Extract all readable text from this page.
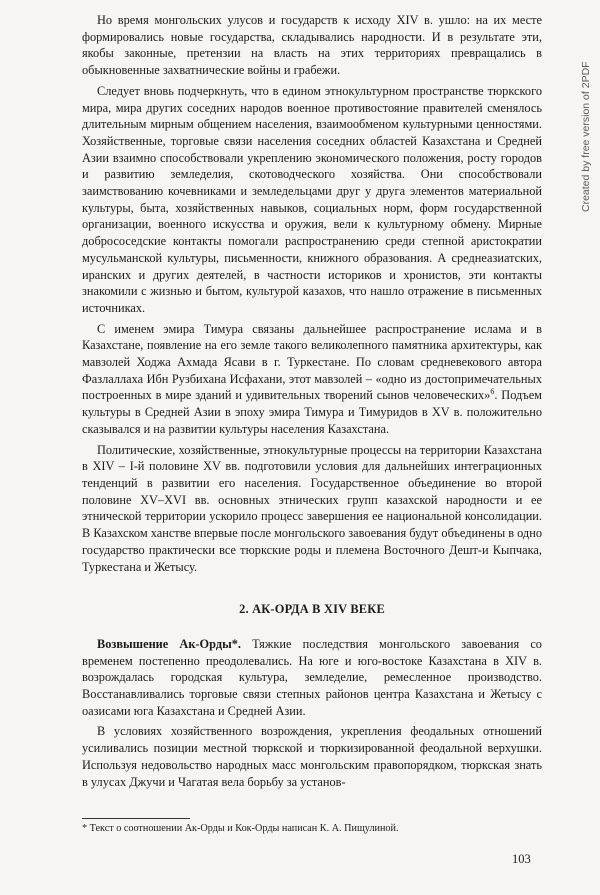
Но время монгольских улусов и государств к исходу XIV в. ушло: на их месте формировались новые государства, складывались народности. И в результате эти, якобы законные, претензии на власть на этих территориях превращались в обыкновенные захватнические войны и грабежи.

Следует вновь подчеркнуть, что в едином этнокультурном пространстве тюркского мира, мира других соседних народов военное противостояние правителей сменялось длительным мирным общением населения, взаимообменом культурными ценностями. Хозяйственные, торговые связи населения соседних областей Казахстана и Средней Азии взаимно способствовали укреплению экономического положения, росту городов и развитию земледелия, скотоводческого хозяйства. Они способствовали заимствованию кочевниками и земледельцами друг у друга элементов материальной культуры, быта, хозяйственных навыков, социальных норм, форм государственной организации, военного искусства и оружия, вели к культурному обмену. Мирные добрососедские контакты помогали распространению среди степной аристократии мусульманской культуры, письменности, книжного образования. А среднеазиатских, иранских и других деятелей, в частности историков и хронистов, эти контакты знакомили с жизнью и бытом, культурой казахов, что нашло отражение в письменных источниках.

С именем эмира Тимура связаны дальнейшее распространение ислама и в Казахстане, появление на его земле такого великолепного памятника архитектуры, как мавзолей Ходжа Ахмада Ясави в г. Туркестане. По словам средневекового автора Фазлаллаха Ибн Рузбихана Исфахани, этот мавзолей – «одно из достопримечательных построенных в мире зданий и удивительных творений сынов человеческих»$^6$. Подъем культуры в Средней Азии в эпоху эмира Тимура и Тимуридов в XV в. положительно сказывался и на развитии культуры населения Казахстана.

Политические, хозяйственные, этнокультурные процессы на территории Казахстана в XIV – I-й половине XV вв. подготовили условия для дальнейших интеграционных тенденций в развитии его населения. Государственное объединение во второй половине XV–XVI вв. основных этнических групп казахской народности и ее этнической территории ускорило процесс завершения ее национальной консолидации. В Казахском ханстве впервые после монгольского завоевания будут объединены в одно государство практически все тюркские роды и племена Восточного Дешт-и Кыпчака, Туркестана и Жетысу.

2. АК-ОРДА В XIV ВЕКЕ

Возвышение Ак-Орды*. Тяжкие последствия монгольского завоевания со временем постепенно преодолевались. На юге и юго-востоке Казахстана в XIV в. возрождалась городская культура, земледелие, ремесленное производство. Восстанавливались торговые связи степных районов центра Казахстана и Жетысу с оазисами юга Казахстана и Средней Азии.

В условиях хозяйственного возрождения, укрепления феодальных отношений усиливались позиции местной тюркской и тюркизированной феодальной верхушки. Используя недовольство народных масс монгольским правопорядком, тюркская знать в улусах Джучи и Чагатая вела борьбу за установ-

* Текст о соотношении Ак-Орды и Кок-Орды написан К. А. Пищулиной.
103
Created by free version of 2PDF
